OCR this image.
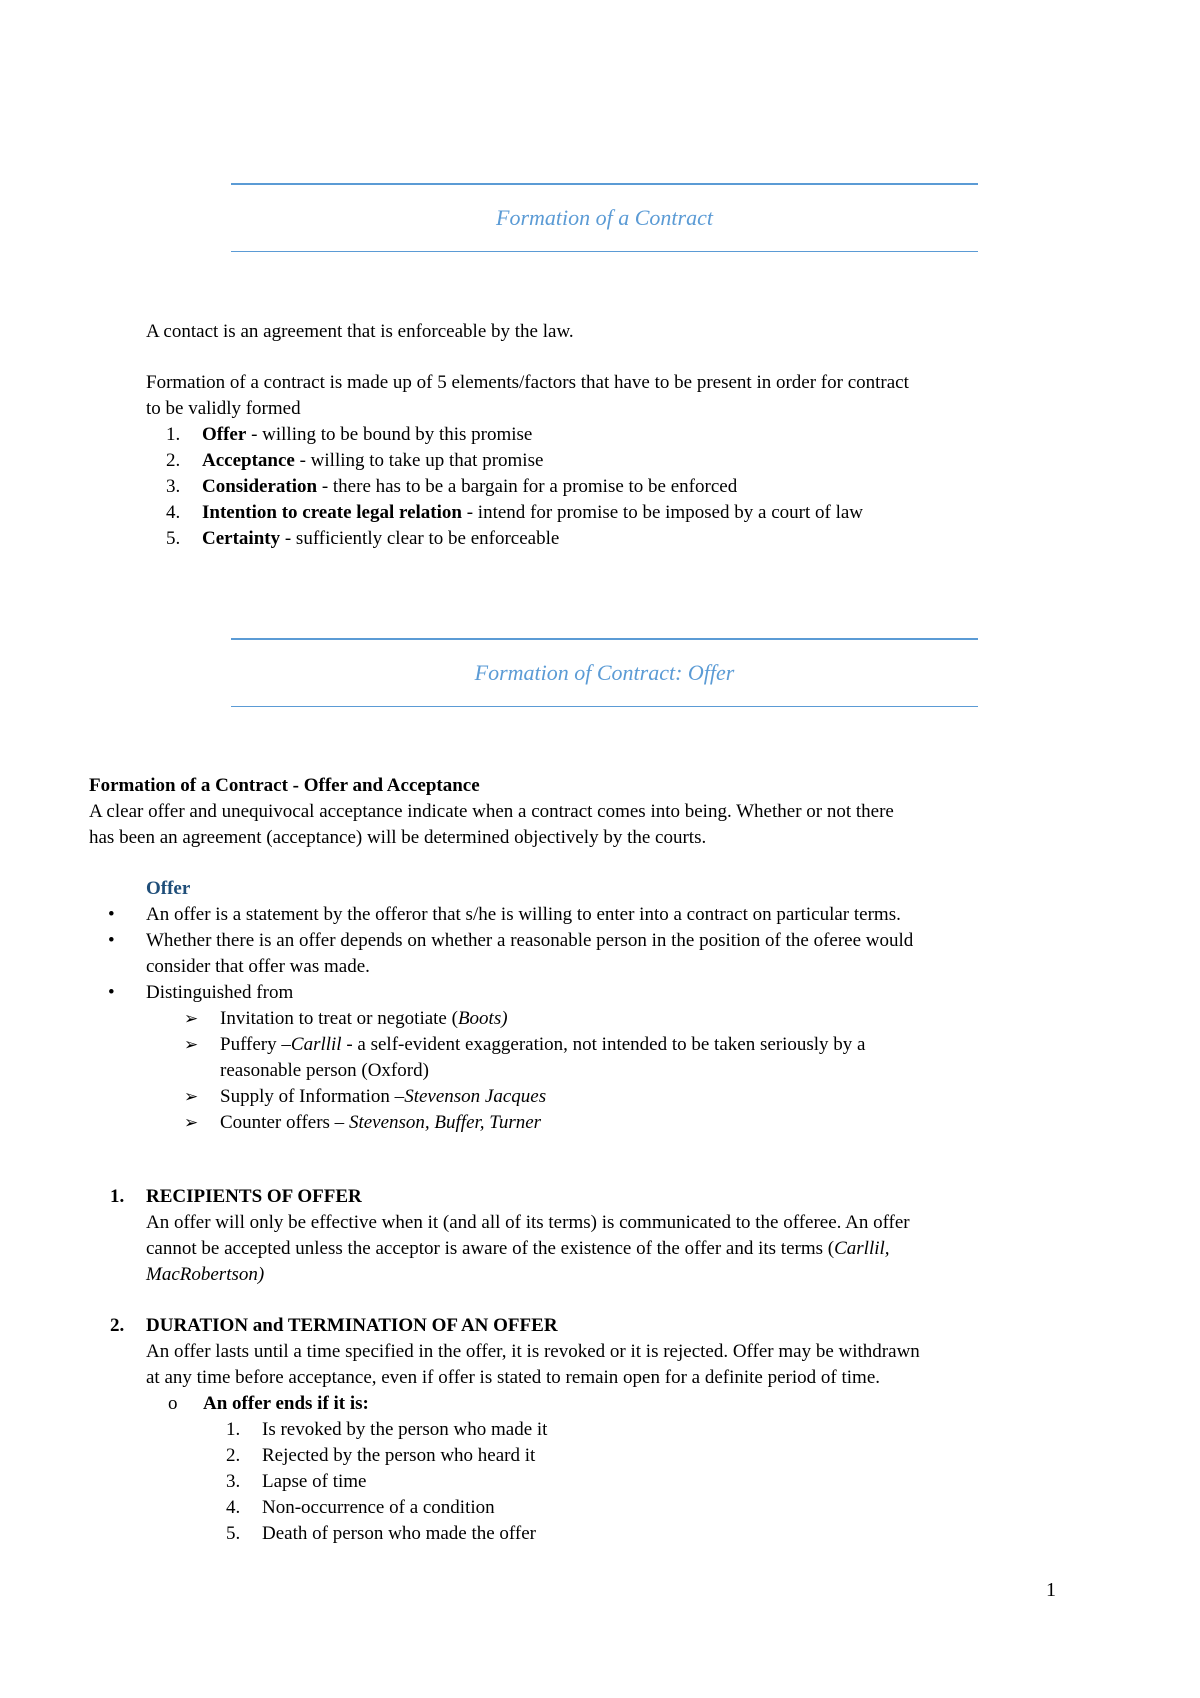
Formation of a Contract
A contact is an agreement that is enforceable by the law.
Formation of a contract is made up of 5 elements/factors that have to be present in order for contract
to be validly formed
1. Offer - willing to be bound by this promise
2. Acceptance - willing to take up that promise
3. Consideration - there has to be a bargain for a promise to be enforced
4. Intention to create legal relation - intend for promise to be imposed by a court of law
5. Certainty - sufficiently clear to be enforceable
Formation of Contract: Offer
Formation of a Contract - Offer and Acceptance
A clear offer and unequivocal acceptance indicate when a contract comes into being. Whether or not there
has been an agreement (acceptance) will be determined objectively by the courts.
Offer
• An offer is a statement by the offeror that s/he is willing to enter into a contract on particular terms.
• Whether there is an offer depends on whether a reasonable person in the position of the oferee would
consider that offer was made.
• Distinguished from
➢ Invitation to treat or negotiate (Boots)
➢ Puffery –Carllil - a self-evident exaggeration, not intended to be taken seriously by a
reasonable person (Oxford)
➢ Supply of Information –Stevenson Jacques
➢ Counter offers – Stevenson, Buffer, Turner
1. RECIPIENTS OF OFFER
An offer will only be effective when it (and all of its terms) is communicated to the offeree. An offer
cannot be accepted unless the acceptor is aware of the existence of the offer and its terms (Carllil,
MacRobertson)
2. DURATION and TERMINATION OF AN OFFER
An offer lasts until a time specified in the offer, it is revoked or it is rejected. Offer may be withdrawn
at any time before acceptance, even if offer is stated to remain open for a definite period of time.
o An offer ends if it is:
1. Is revoked by the person who made it
2. Rejected by the person who heard it
3. Lapse of time
4. Non-occurrence of a condition
5. Death of person who made the offer
1
